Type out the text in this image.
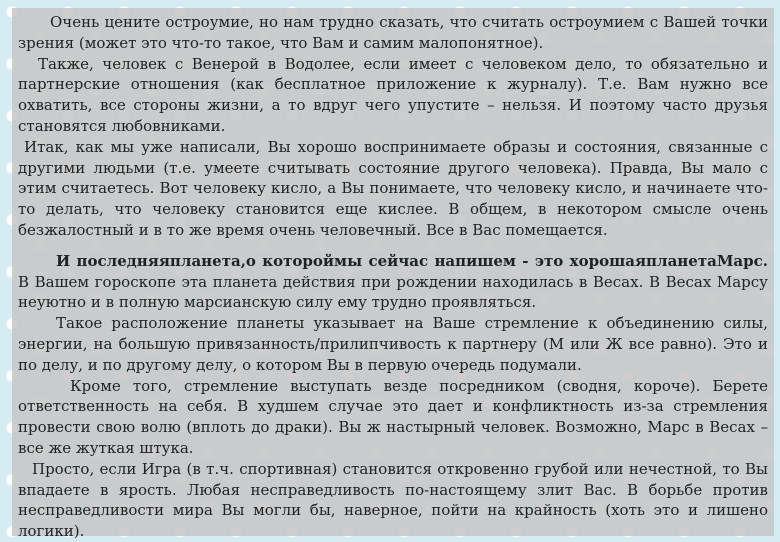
Очень цените остроумие, но нам трудно сказать, что считать остроумием с Вашей точки зрения (может это что-то такое, что Вам и самим малопонятное).

Также, человек с Венерой в Водолее, если имеет с человеком дело, то обязательно и партнерские отношения (как бесплатное приложение к журналу). Т.е. Вам нужно все охватить, все стороны жизни, а то вдруг чего упустите – нельзя. И поэтому часто друзья становятся любовниками.

Итак, как мы уже написали, Вы хорошо воспринимаете образы и состояния, связанные с другими людьми (т.е. умеете считывать состояние другого человека). Правда, Вы мало с этим считаетесь. Вот человеку кисло, а Вы понимаете, что человеку кисло, и начинаете что-то делать, что человеку становится еще кислее. В общем, в некотором смысле очень безжалостный и в то же время очень человечный. Все в Вас помещается.

И последняяпланета,о котороймы сейчас напишем - это хорошаяпланетаМарс. В Вашем гороскопе эта планета действия при рождении находилась в Весах. В Весах Марсу неуютно и в полную марсианскую силу ему трудно проявляться.

Такое расположение планеты указывает на Ваше стремление к объединению силы, энергии, на большую привязанность/прилипчивость к партнеру (М или Ж все равно). Это и по делу, и по другому делу, о котором Вы в первую очередь подумали.

Кроме того, стремление выступать везде посредником (сводня, короче). Берете ответственность на себя. В худшем случае это дает и конфликтность из-за стремления провести свою волю (вплоть до драки). Вы ж настырный человек. Возможно, Марс в Весах – все же жуткая штука.

Просто, если Игра (в т.ч. спортивная) становится откровенно грубой или нечестной, то Вы впадаете в ярость. Любая несправедливость по-настоящему злит Вас. В борьбе против несправедливости мира Вы могли бы, наверное, пойти на крайность (хоть это и лишено логики).
